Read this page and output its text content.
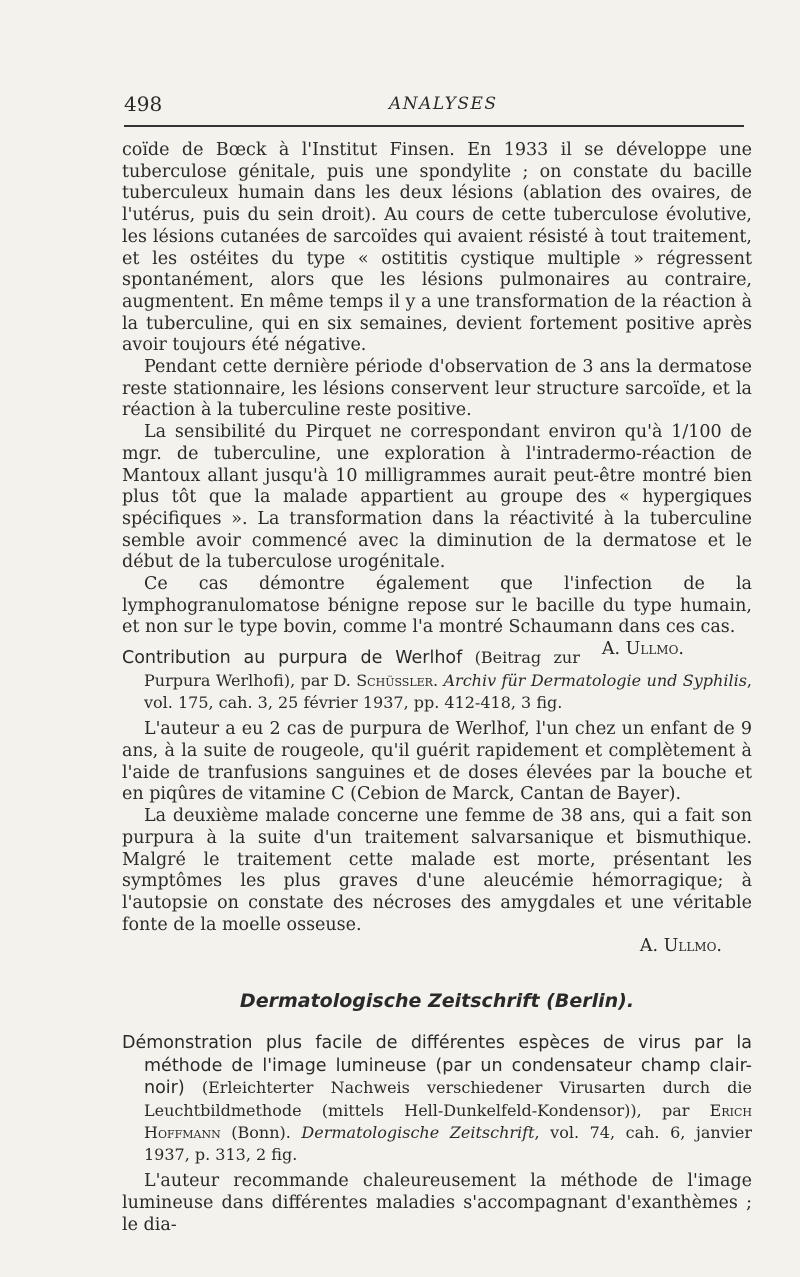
498	ANALYSES

coïde de Bœck à l'Institut Finsen. En 1933 il se développe une tuberculose génitale, puis une spondylite ; on constate du bacille tuberculeux humain dans les deux lésions (ablation des ovaires, de l'utérus, puis du sein droit). Au cours de cette tuberculose évolutive, les lésions cutanées de sarcoïdes qui avaient résisté à tout traitement, et les ostéites du type « ostititis cystique multiple » régressent spontanément, alors que les lésions pulmonaires au contraire, augmentent. En même temps il y a une transformation de la réaction à la tuberculine, qui en six semaines, devient fortement positive après avoir toujours été négative.

Pendant cette dernière période d'observation de 3 ans la dermatose reste stationnaire, les lésions conservent leur structure sarcoïde, et la réaction à la tuberculine reste positive.

La sensibilité du Pirquet ne correspondant environ qu'à 1/100 de mgr. de tuberculine, une exploration à l'intradermo-réaction de Mantoux allant jusqu'à 10 milligrammes aurait peut-être montré bien plus tôt que la malade appartient au groupe des « hypergiques spécifiques ». La transformation dans la réactivité à la tuberculine semble avoir commencé avec la diminution de la dermatose et le début de la tuberculose urogénitale.

Ce cas démontre également que l'infection de la lymphogranulomatose bénigne repose sur le bacille du type humain, et non sur le type bovin, comme l'a montré Schaumann dans ces cas.
A. Ullmo.

Contribution au purpura de Werlhof (Beitrag zur Purpura Werlhofi), par D. Schüssler. Archiv für Dermatologie und Syphilis, vol. 175, cah. 3, 25 février 1937, pp. 412-418, 3 fig.

L'auteur a eu 2 cas de purpura de Werlhof, l'un chez un enfant de 9 ans, à la suite de rougeole, qu'il guérit rapidement et complètement à l'aide de tranfusions sanguines et de doses élevées par la bouche et en piqûres de vitamine C (Cebion de Marck, Cantan de Bayer).

La deuxième malade concerne une femme de 38 ans, qui a fait son purpura à la suite d'un traitement salvarsanique et bismuthique. Malgré le traitement cette malade est morte, présentant les symptômes les plus graves d'une aleucémie hémorragique; à l'autopsie on constate des nécroses des amygdales et une véritable fonte de la moelle osseuse.

A. Ullmo.

Dermatologische Zeitschrift (Berlin).

Démonstration plus facile de différentes espèces de virus par la méthode de l'image lumineuse (par un condensateur champ clair-noir) (Erleichterter Nachweis verschiedener Virusarten durch die Leuchtbildmethode (mittels Hell-Dunkelfeld-Kondensor)), par Erich Hoffmann (Bonn). Dermatologische Zeitschrift, vol. 74, cah. 6, janvier 1937, p. 313, 2 fig.

L'auteur recommande chaleureusement la méthode de l'image lumineuse dans différentes maladies s'accompagnant d'exanthèmes ; le dia-
